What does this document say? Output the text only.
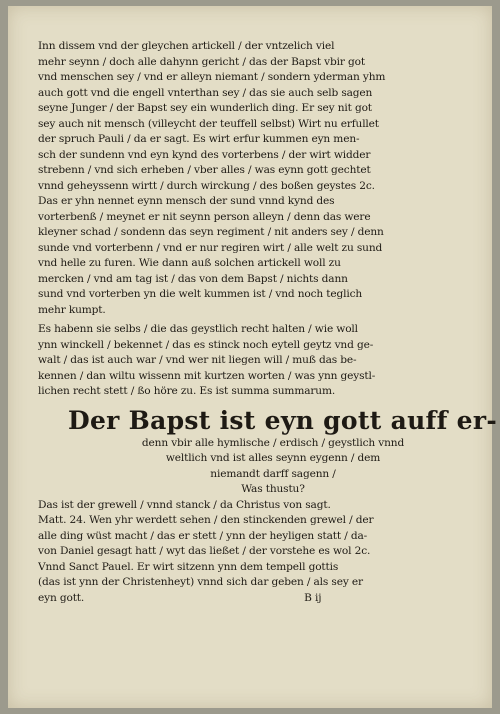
Inn dissem vnd der gleychen artickell / der vntzelich viel
mehr seynn / doch alle dahynn gericht / das der Bapst vbir got
vnd menschen sey / vnd er alleyn niemant / sondern yderman yhm
auch gott vnd die engell vnterthan sey / das sie auch selb sagen
seyne Junger / der Bapst sey ein wunderlich ding. Er sey nit got
sey auch nit mensch (villeycht der teuffell selbst) Wirt nu erfullet
der spruch Pauli / da er sagt. Es wirt erfur kummen eyn men-
sch der sundenn vnd eyn kynd des vorterbens / der wirt widder
strebenn / vnd sich erheben / vber alles / was eynn gott gechtet
vnnd geheyssenn wirtt / durch wirckung / des boßen geystes 2c.
Das er yhn nennet eynn mensch der sund vnnd kynd des
vorterbenß / meynet er nit seynn person alleyn / denn das were
kleyner schad / sondenn das seyn regiment / nit anders sey / denn
sunde vnd vorterbenn / vnd er nur regiren wirt / alle welt zu sund
vnd helle zu furen. Wie dann auß solchen artickell woll zu
mercken / vnd am tag ist / das von dem Bapst / nichts dann
sund vnd vorterben yn die welt kummen ist / vnd noch teglich
mehr kumpt.
Es habenn sie selbs / die das geystlich recht halten / wie woll
ynn winckell / bekennet / das es stinck noch eytell geytz vnd ge-
walt / das ist auch war / vnd wer nit liegen will / muß das be-
kennen / dan wiltu wissenn mit kurtzen worten / was ynn geystl-
lichen recht stett / ßo höre zu. Es ist summa summarum.
Der Bapst ist eyn gott auff er-
denn vbir alle hymlische / erdisch / geystlich vnnd
weltlich vnd ist alles seynn eygenn / dem
niemandt darff sagenn /
Was thustu?
Das ist der grewell / vnnd stanck / da Christus von sagt.
Matt. 24. Wen yhr werdett sehen / den stinckenden grewel / der
alle ding wüst macht / das er stett / ynn der heyligen statt / da-
von Daniel gesagt hatt / wyt das ließet / der vorstehe es wol 2c.
Vnnd Sanct Pauel. Er wirt sitzenn ynn dem tempell gottis
(das ist ynn der Christenheyt) vnnd sich dar geben / als sey er
eyn gott.	B ij
